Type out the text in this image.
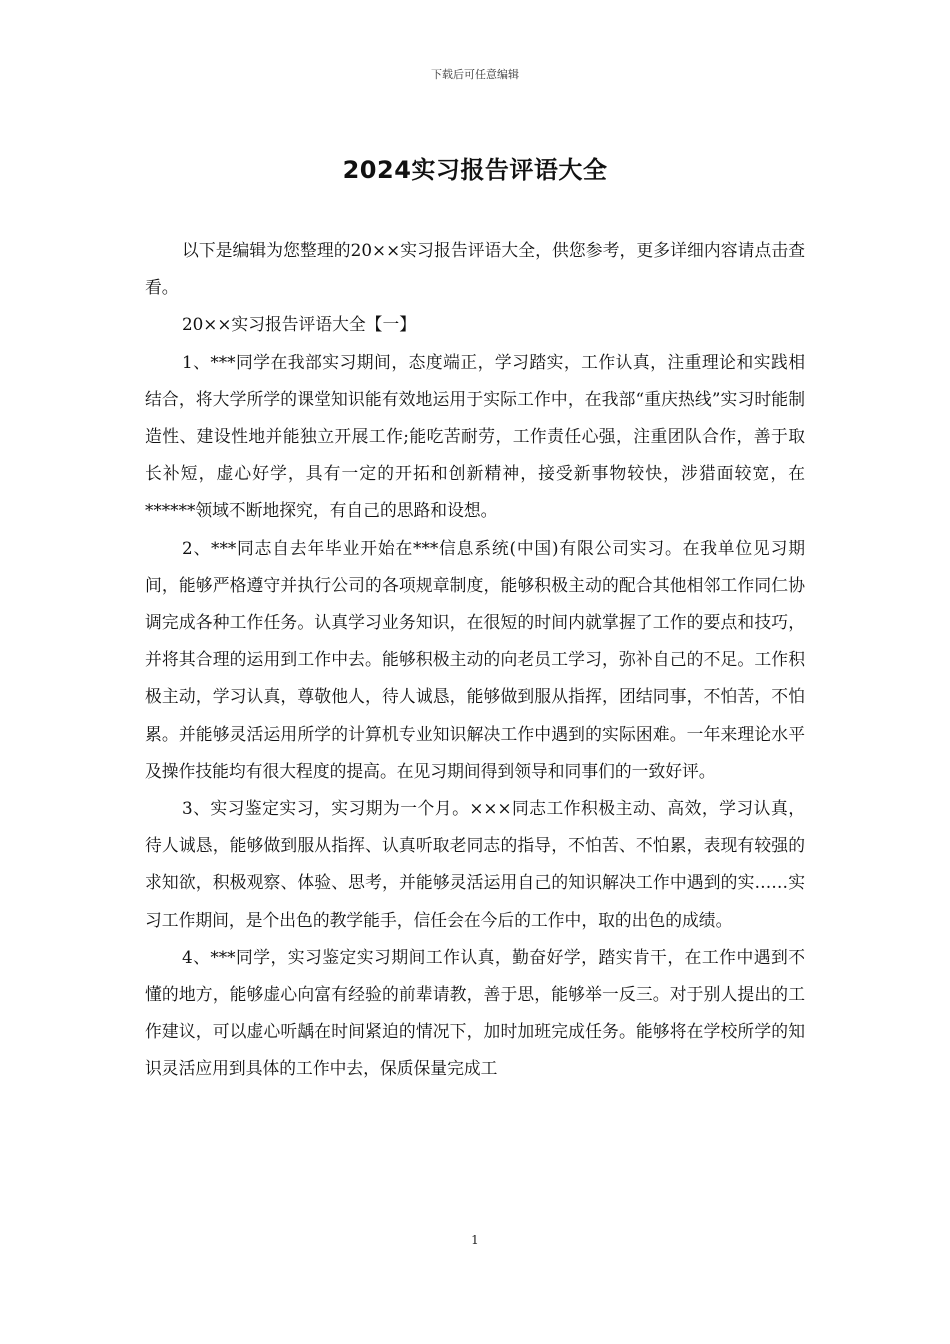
下载后可任意编辑
2024实习报告评语大全

以下是编辑为您整理的20××实习报告评语大全，供您参考，更多详细内容请点击查看。

20××实习报告评语大全【一】

1、***同学在我部实习期间，态度端正，学习踏实，工作认真，注重理论和实践相结合，将大学所学的课堂知识能有效地运用于实际工作中，在我部“重庆热线”实习时能制造性、建设性地并能独立开展工作;能吃苦耐劳，工作责任心强，注重团队合作，善于取长补短，虚心好学，具有一定的开拓和创新精神，接受新事物较快，涉猎面较宽，在******领域不断地探究，有自己的思路和设想。

2、***同志自去年毕业开始在***信息系统(中国)有限公司实习。在我单位见习期间，能够严格遵守并执行公司的各项规章制度，能够积极主动的配合其他相邻工作同仁协调完成各种工作任务。认真学习业务知识，在很短的时间内就掌握了工作的要点和技巧，并将其合理的运用到工作中去。能够积极主动的向老员工学习，弥补自己的不足。工作积极主动，学习认真，尊敬他人，待人诚恳，能够做到服从指挥，团结同事，不怕苦，不怕累。并能够灵活运用所学的计算机专业知识解决工作中遇到的实际困难。一年来理论水平及操作技能均有很大程度的提高。在见习期间得到领导和同事们的一致好评。

3、实习鉴定实习，实习期为一个月。×××同志工作积极主动、高效，学习认真，待人诚恳，能够做到服从指挥、认真听取老同志的指导，不怕苦、不怕累，表现有较强的求知欲，积极观察、体验、思考，并能够灵活运用自己的知识解决工作中遇到的实……实习工作期间，是个出色的教学能手，信任会在今后的工作中，取的出色的成绩。

4、***同学，实习鉴定实习期间工作认真，勤奋好学，踏实肯干，在工作中遇到不懂的地方，能够虚心向富有经验的前辈请教，善于思，能够举一反三。对于别人提出的工作建议，可以虚心听龋在时间紧迫的情况下，加时加班完成任务。能够将在学校所学的知识灵活应用到具体的工作中去，保质保量完成工

1
